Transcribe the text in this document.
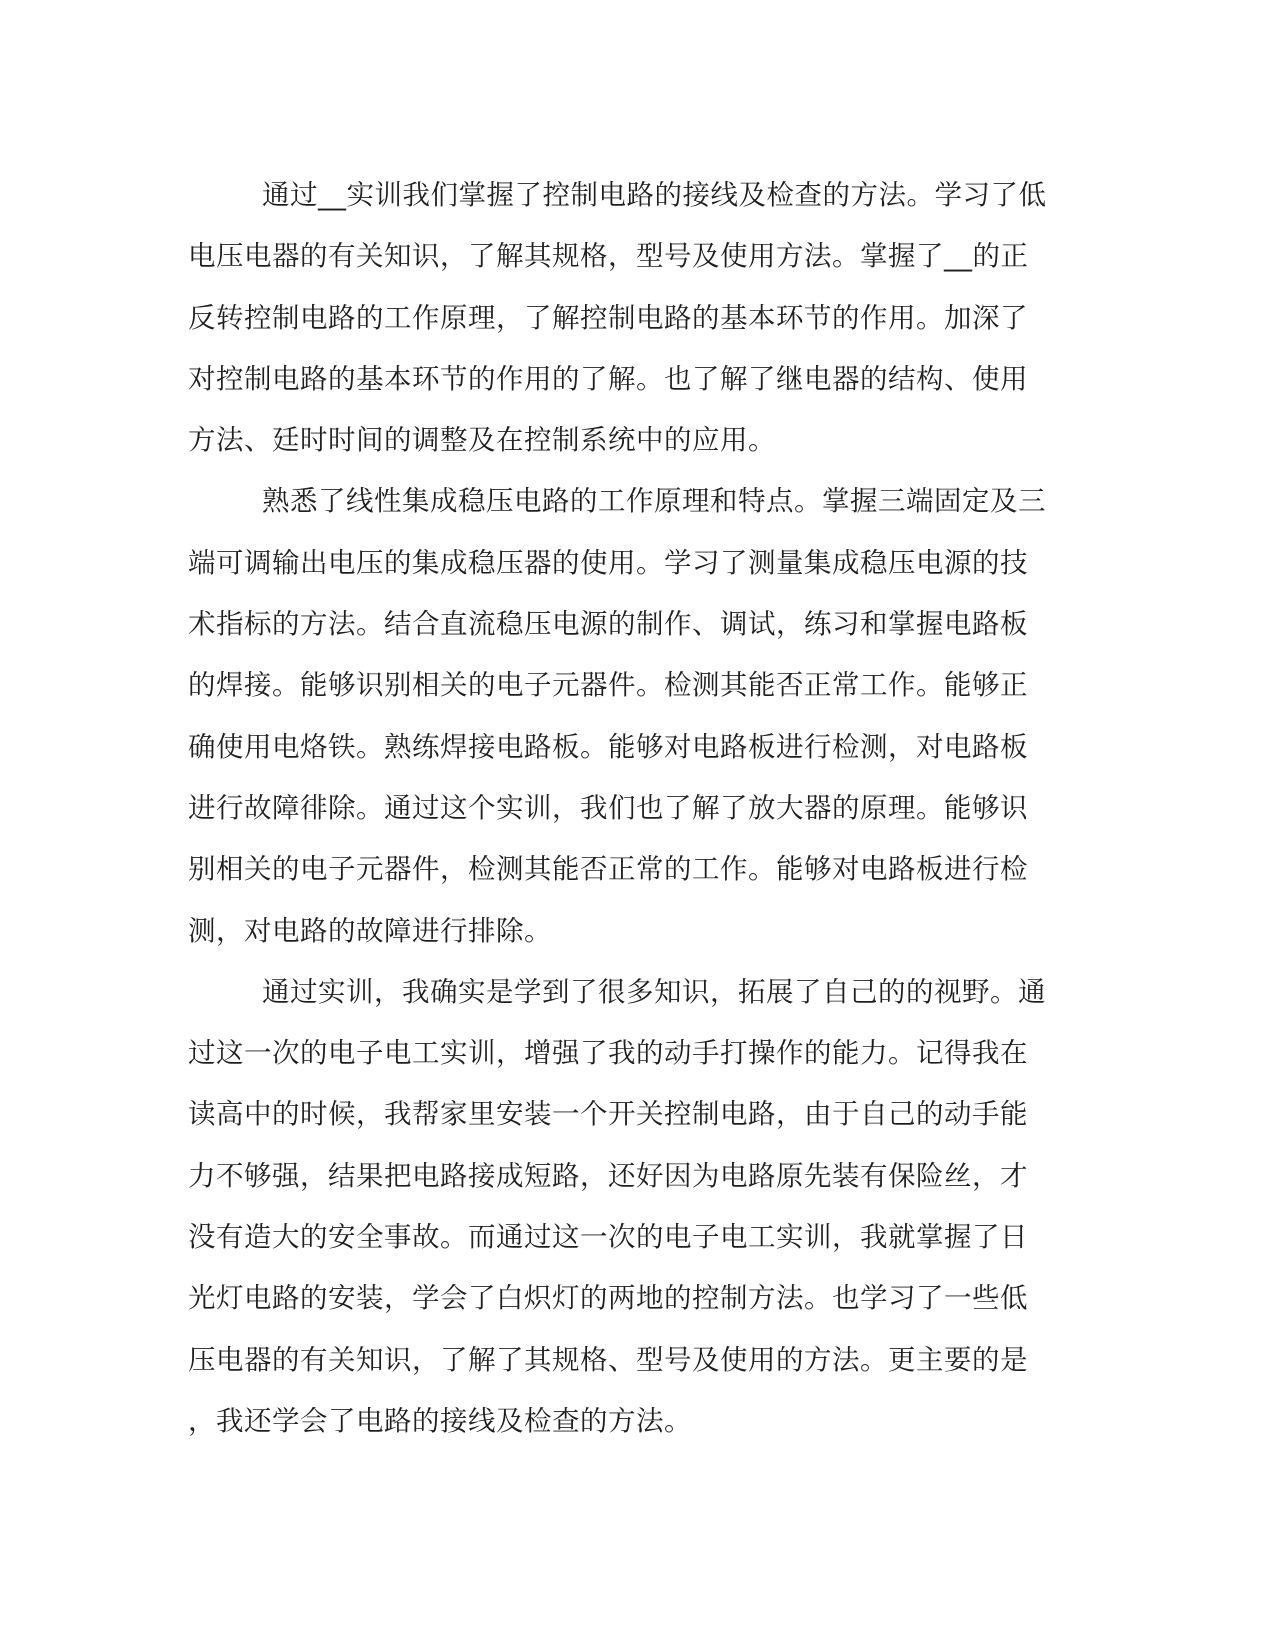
通过__实训我们掌握了控制电路的接线及检查的方法。学习了低
电压电器的有关知识，了解其规格，型号及使用方法。掌握了__的正
反转控制电路的工作原理，了解控制电路的基本环节的作用。加深了
对控制电路的基本环节的作用的了解。也了解了继电器的结构、使用
方法、廷时时间的调整及在控制系统中的应用。
熟悉了线性集成稳压电路的工作原理和特点。掌握三端固定及三
端可调输出电压的集成稳压器的使用。学习了测量集成稳压电源的技
术指标的方法。结合直流稳压电源的制作、调试，练习和掌握电路板
的焊接。能够识别相关的电子元器件。检测其能否正常工作。能够正
确使用电烙铁。熟练焊接电路板。能够对电路板进行检测，对电路板
进行故障徘除。通过这个实训，我们也了解了放大器的原理。能够识
别相关的电子元器件，检测其能否正常的工作。能够对电路板进行检
测，对电路的故障进行排除。
通过实训，我确实是学到了很多知识，拓展了自己的的视野。通
过这一次的电子电工实训，增强了我的动手打操作的能力。记得我在
读高中的时候，我帮家里安装一个开关控制电路，由于自己的动手能
力不够强，结果把电路接成短路，还好因为电路原先装有保险丝，才
没有造大的安全事故。而通过这一次的电子电工实训，我就掌握了日
光灯电路的安装，学会了白炽灯的两地的控制方法。也学习了一些低
压电器的有关知识，了解了其规格、型号及使用的方法。更主要的是
，我还学会了电路的接线及检查的方法。
